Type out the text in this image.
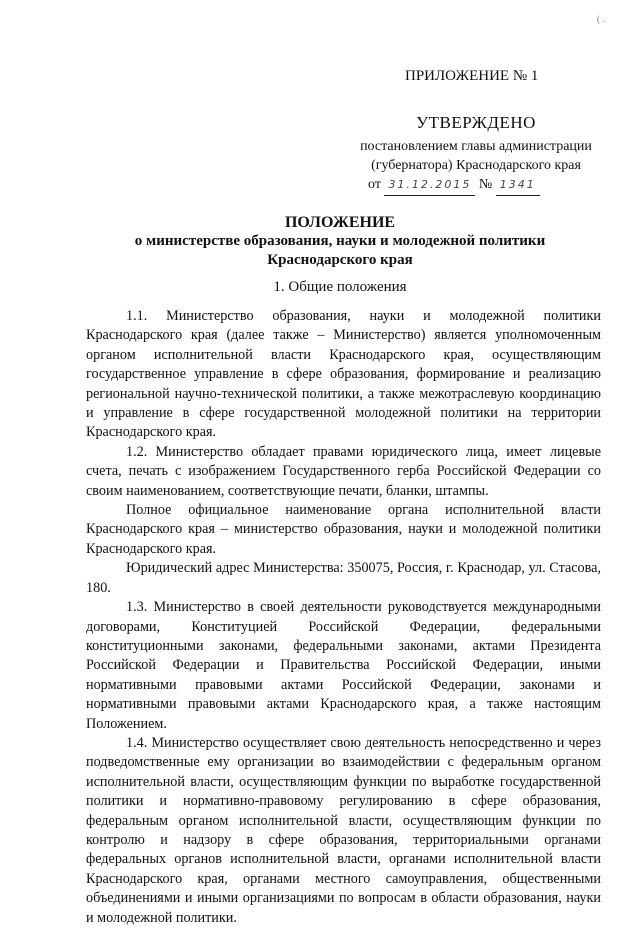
( .
ПРИЛОЖЕНИЕ № 1
УТВЕРЖДЕНО
постановлением главы администрации
(губернатора) Краснодарского края
от 31.12.2015 № 1341
ПОЛОЖЕНИЕ
о министерстве образования, науки и молодежной политики
Краснодарского края
1. Общие положения

1.1. Министерство образования, науки и молодежной политики Краснодарского края (далее также – Министерство) является уполномоченным органом исполнительной власти Краснодарского края, осуществляющим государственное управление в сфере образования, формирование и реализацию региональной научно-технической политики, а также межотраслевую координацию и управление в сфере государственной молодежной политики на территории Краснодарского края.

1.2. Министерство обладает правами юридического лица, имеет лицевые счета, печать с изображением Государственного герба Российской Федерации со своим наименованием, соответствующие печати, бланки, штампы.

Полное официальное наименование органа исполнительной власти Краснодарского края – министерство образования, науки и молодежной политики Краснодарского края.

Юридический адрес Министерства: 350075, Россия, г. Краснодар, ул. Стасова, 180.

1.3. Министерство в своей деятельности руководствуется международными договорами, Конституцией Российской Федерации, федеральными конституционными законами, федеральными законами, актами Президента Российской Федерации и Правительства Российской Федерации, иными нормативными правовыми актами Российской Федерации, законами и нормативными правовыми актами Краснодарского края, а также настоящим Положением.

1.4. Министерство осуществляет свою деятельность непосредственно и через подведомственные ему организации во взаимодействии с федеральным органом исполнительной власти, осуществляющим функции по выработке государственной политики и нормативно-правовому регулированию в сфере образования, федеральным органом исполнительной власти, осуществляющим функции по контролю и надзору в сфере образования, территориальными органами федеральных органов исполнительной власти, органами исполнительной власти Краснодарского края, органами местного самоуправления, общественными объединениями и иными организациями по вопросам в области образования, науки и молодежной политики.
